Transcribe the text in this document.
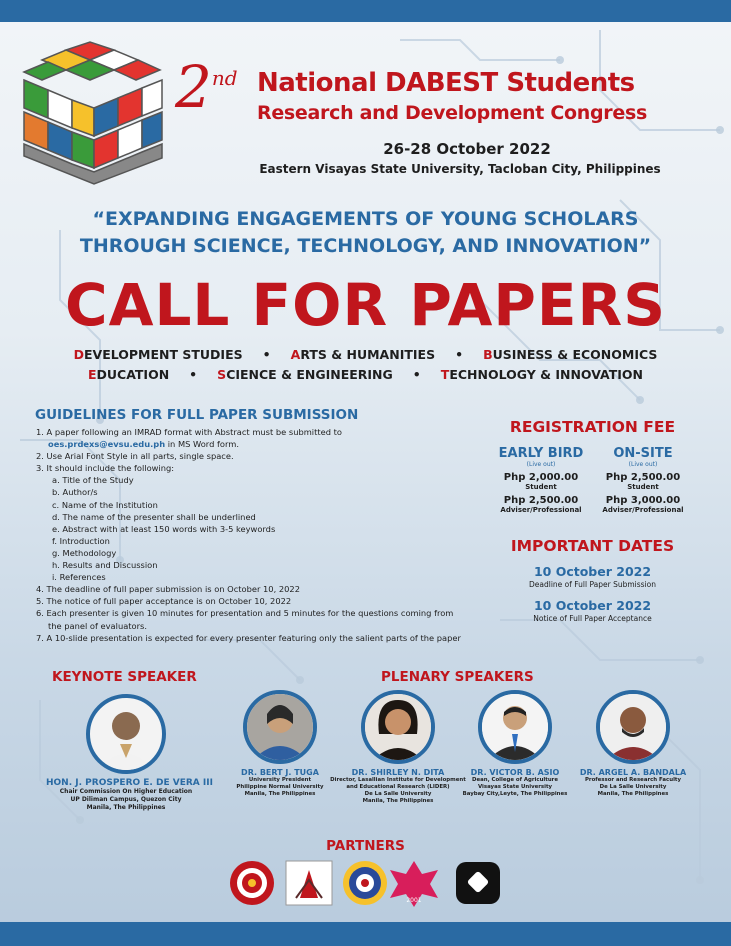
2nd National DABEST Students
Research and Development Congress
26-28 October 2022
Eastern Visayas State University, Tacloban City, Philippines
“EXPANDING ENGAGEMENTS OF YOUNG SCHOLARS
THROUGH SCIENCE, TECHNOLOGY, AND INNOVATION”
CALL FOR PAPERS
DEVELOPMENT STUDIES • ARTS & HUMANITIES • BUSINESS & ECONOMICS
EDUCATION • SCIENCE & ENGINEERING • TECHNOLOGY & INNOVATION
GUIDELINES FOR FULL PAPER SUBMISSION
1. A paper following an IMRAD format with Abstract must be submitted to
oes.prdexs@evsu.edu.ph in MS Word form.
2. Use Arial Font Style in all parts, single space.
3. It should include the following:
a. Title of the Study
b. Author/s
c. Name of the Institution
d. The name of the presenter shall be underlined
e. Abstract with at least 150 words with 3-5 keywords
f. Introduction
g. Methodology
h. Results and Discussion
i. References
4. The deadline of full paper submission is on October 10, 2022
5. The notice of full paper acceptance is on October 10, 2022
6. Each presenter is given 10 minutes for presentation and 5 minutes for the questions coming from
the panel of evaluators.
7. A 10-slide presentation is expected for every presenter featuring only the salient parts of the paper
REGISTRATION FEE
EARLY BIRD
(Live out)
Php 2,000.00
Student
Php 2,500.00
Adviser/Professional
ON-SITE
(Live out)
Php 2,500.00
Student
Php 3,000.00
Adviser/Professional
IMPORTANT DATES
10 October 2022
Deadline of Full Paper Submission
10 October 2022
Notice of Full Paper Acceptance
KEYNOTE SPEAKER	PLENARY SPEAKERS
HON. J. PROSPERO E. DE VERA III
Chair Commission On Higher Education
UP Diliman Campus, Quezon City
Manila, The Philippines
DR. BERT J. TUGA
University President
Philippine Normal University
Manila, The Philippines
DR. SHIRLEY N. DITA
Director, Lasallian Institute for Development
and Educational Research (LIDER)
De La Salle University
Manila, The Philippines
DR. VICTOR B. ASIO
Dean, College of Agriculture
Visayas State University
Baybay City,Leyte, The Philippines
DR. ARGEL A. BANDALA
Professor and Research Faculty
De La Salle University
Manila, The Philippines
PARTNERS
2001
